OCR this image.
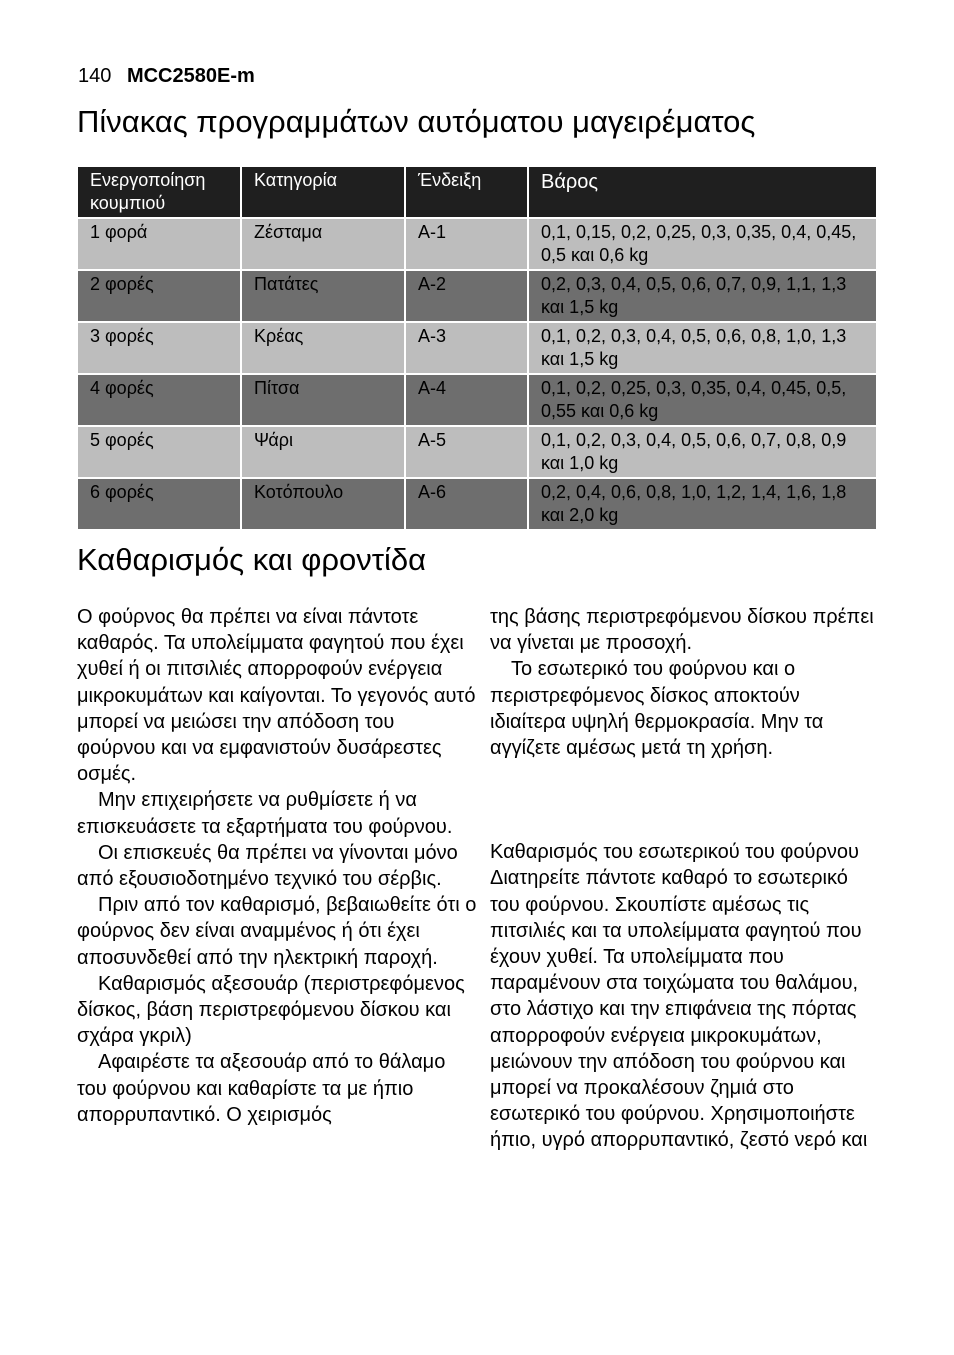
140 MCC2580E-m
Πίνακας προγραμμάτων αυτόματου μαγειρέματος
Ενεργοποίηση κουμπιού	Κατηγορία	Ένδειξη	Βάρος
1 φορά	Ζέσταμα	A-1	0,1, 0,15, 0,2, 0,25, 0,3, 0,35, 0,4, 0,45, 0,5 και 0,6 kg
2 φορές	Πατάτες	A-2	0,2, 0,3, 0,4, 0,5, 0,6, 0,7, 0,9, 1,1, 1,3 και 1,5 kg
3 φορές	Κρέας	A-3	0,1, 0,2, 0,3, 0,4, 0,5, 0,6, 0,8, 1,0, 1,3 και 1,5 kg
4 φορές	Πίτσα	A-4	0,1, 0,2, 0,25, 0,3, 0,35, 0,4, 0,45, 0,5, 0,55 και 0,6 kg
5 φορές	Ψάρι	A-5	0,1, 0,2, 0,3, 0,4, 0,5, 0,6, 0,7, 0,8, 0,9 και 1,0 kg
6 φορές	Κοτόπουλο	A-6	0,2, 0,4, 0,6, 0,8, 1,0, 1,2, 1,4, 1,6, 1,8 και 2,0 kg
Καθαρισμός και φροντίδα

Ο φούρνος θα πρέπει να είναι πάντοτε καθαρός. Τα υπολείμματα φαγητού που έχει χυθεί ή οι πιτσιλιές απορροφούν ενέργεια μικροκυμάτων και καίγονται. Το γεγονός αυτό μπορεί να μειώσει την απόδοση του φούρνου και να εμφανιστούν δυσάρεστες οσμές.

Μην επιχειρήσετε να ρυθμίσετε ή να επισκευάσετε τα εξαρτήματα του φούρνου.

Οι επισκευές θα πρέπει να γίνονται μόνο από εξουσιοδοτημένο τεχνικό του σέρβις.

Πριν από τον καθαρισμό, βεβαιωθείτε ότι ο φούρνος δεν είναι αναμμένος ή ότι έχει αποσυνδεθεί από την ηλεκτρική παροχή.

Καθαρισμός αξεσουάρ (περιστρεφόμενος δίσκος, βάση περιστρεφόμενου δίσκου και σχάρα γκριλ)

Αφαιρέστε τα αξεσουάρ από το θάλαμο του φούρνου και καθαρίστε τα με ήπιο απορρυπαντικό. Ο χειρισμός

της βάσης περιστρεφόμενου δίσκου πρέπει να γίνεται με προσοχή.

Το εσωτερικό του φούρνου και ο περιστρεφόμενος δίσκος αποκτούν ιδιαίτερα υψηλή θερμοκρασία. Μην τα αγγίζετε αμέσως μετά τη χρήση.

Καθαρισμός του εσωτερικού του φούρνου

Διατηρείτε πάντοτε καθαρό το εσωτερικό του φούρνου. Σκουπίστε αμέσως τις πιτσιλιές και τα υπολείμματα φαγητού που έχουν χυθεί. Τα υπολείμματα που παραμένουν στα τοιχώματα του θαλάμου, στο λάστιχο και την επιφάνεια της πόρτας απορροφούν ενέργεια μικροκυμάτων, μειώνουν την απόδοση του φούρνου και μπορεί να προκαλέσουν ζημιά στο εσωτερικό του φούρνου. Χρησιμοποιήστε ήπιο, υγρό απορρυπαντικό, ζεστό νερό και
